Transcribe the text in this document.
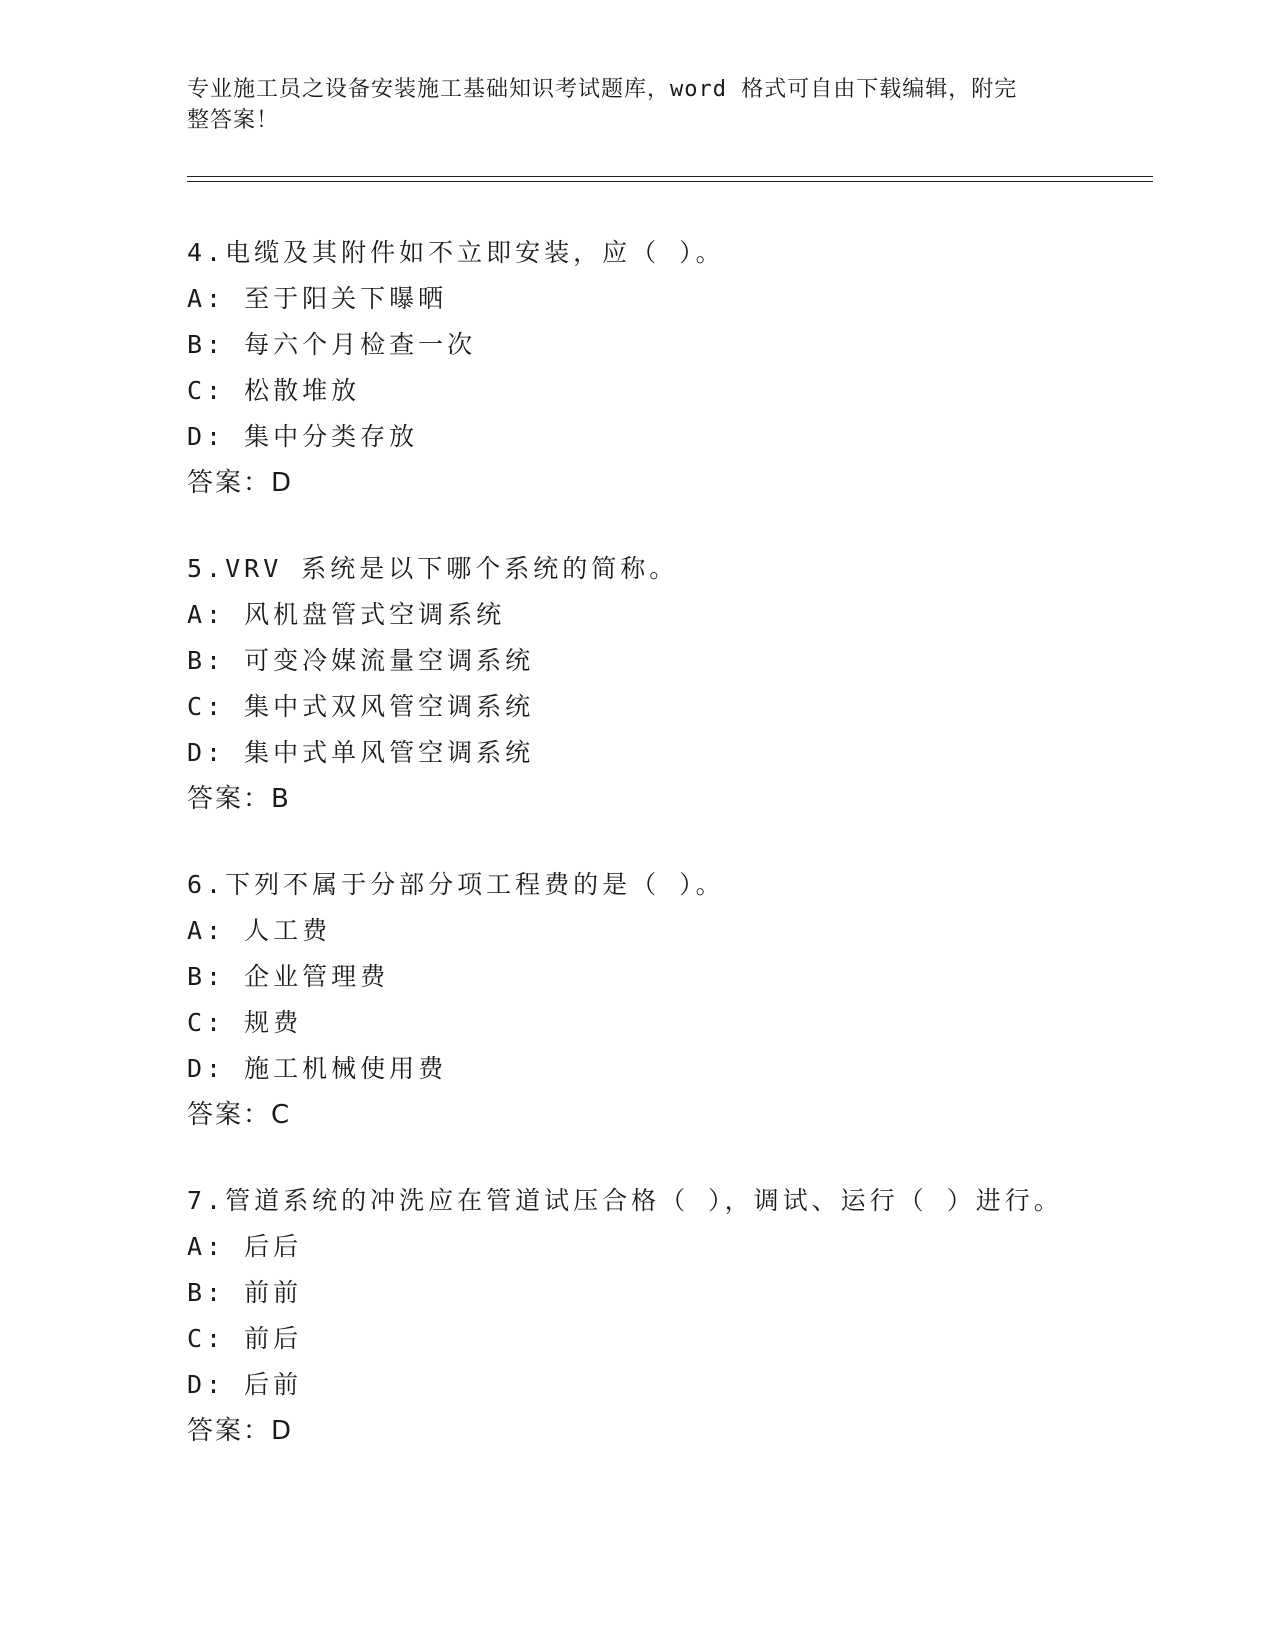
专业施工员之设备安装施工基础知识考试题库，word 格式可自由下载编辑，附完
整答案！
4.电缆及其附件如不立即安装，应（ ）。
A: 至于阳关下曝晒
B: 每六个月检查一次
C: 松散堆放
D: 集中分类存放
答案：D
5.VRV 系统是以下哪个系统的简称。
A: 风机盘管式空调系统
B: 可变冷媒流量空调系统
C: 集中式双风管空调系统
D: 集中式单风管空调系统
答案：B
6.下列不属于分部分项工程费的是（ ）。
A: 人工费
B: 企业管理费
C: 规费
D: 施工机械使用费
答案：C
7.管道系统的冲洗应在管道试压合格（ ），调试、运行（ ）进行。
A: 后后
B: 前前
C: 前后
D: 后前
答案：D
